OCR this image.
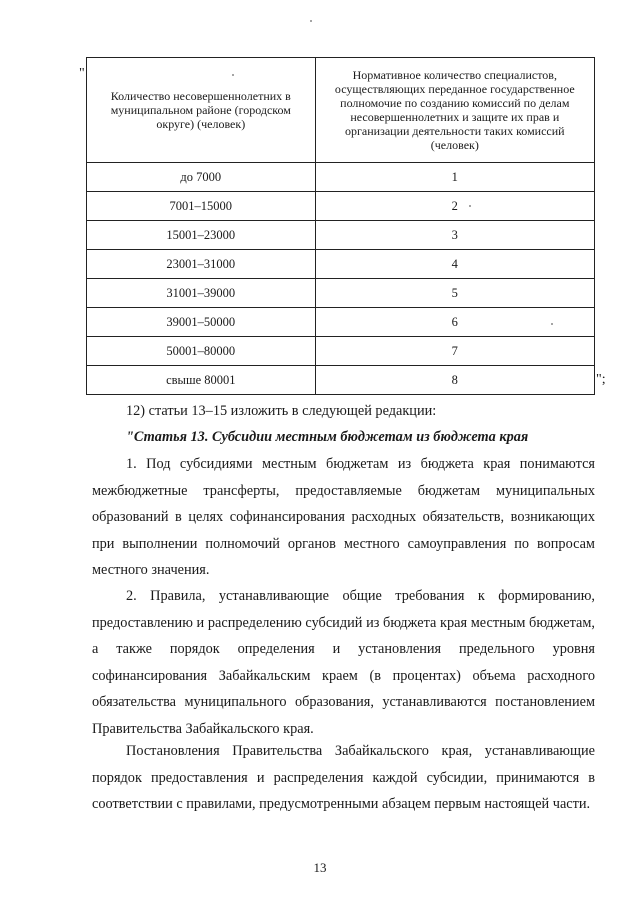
"
Количество несовершеннолетних в муниципальном районе (городском округе) (человек)	Нормативное количество специалистов, осуществляющих переданное государственное полномочие по созданию комиссий по делам несовершеннолетних и защите их прав и организации деятельности таких комиссий (человек)
до 7000	1
7001–15000	2
15001–23000	3
23001–31000	4
31001–39000	5
39001–50000	6
50001–80000	7
свыше 80001	8	";

12) статьи 13–15 изложить в следующей редакции:

"Статья 13. Субсидии местным бюджетам из бюджета края

1. Под субсидиями местным бюджетам из бюджета края понимаются межбюджетные трансферты, предоставляемые бюджетам муниципальных образований в целях софинансирования расходных обязательств, возникающих при выполнении полномочий органов местного самоуправления по вопросам местного значения.

2. Правила, устанавливающие общие требования к формированию, предоставлению и распределению субсидий из бюджета края местным бюджетам, а также порядок определения и установления предельного уровня софинансирования Забайкальским краем (в процентах) объема расходного обязательства муниципального образования, устанавливаются постановлением Правительства Забайкальского края.

Постановления Правительства Забайкальского края, устанавливающие порядок предоставления и распределения каждой субсидии, принимаются в соответствии с правилами, предусмотренными абзацем первым настоящей части.

13
